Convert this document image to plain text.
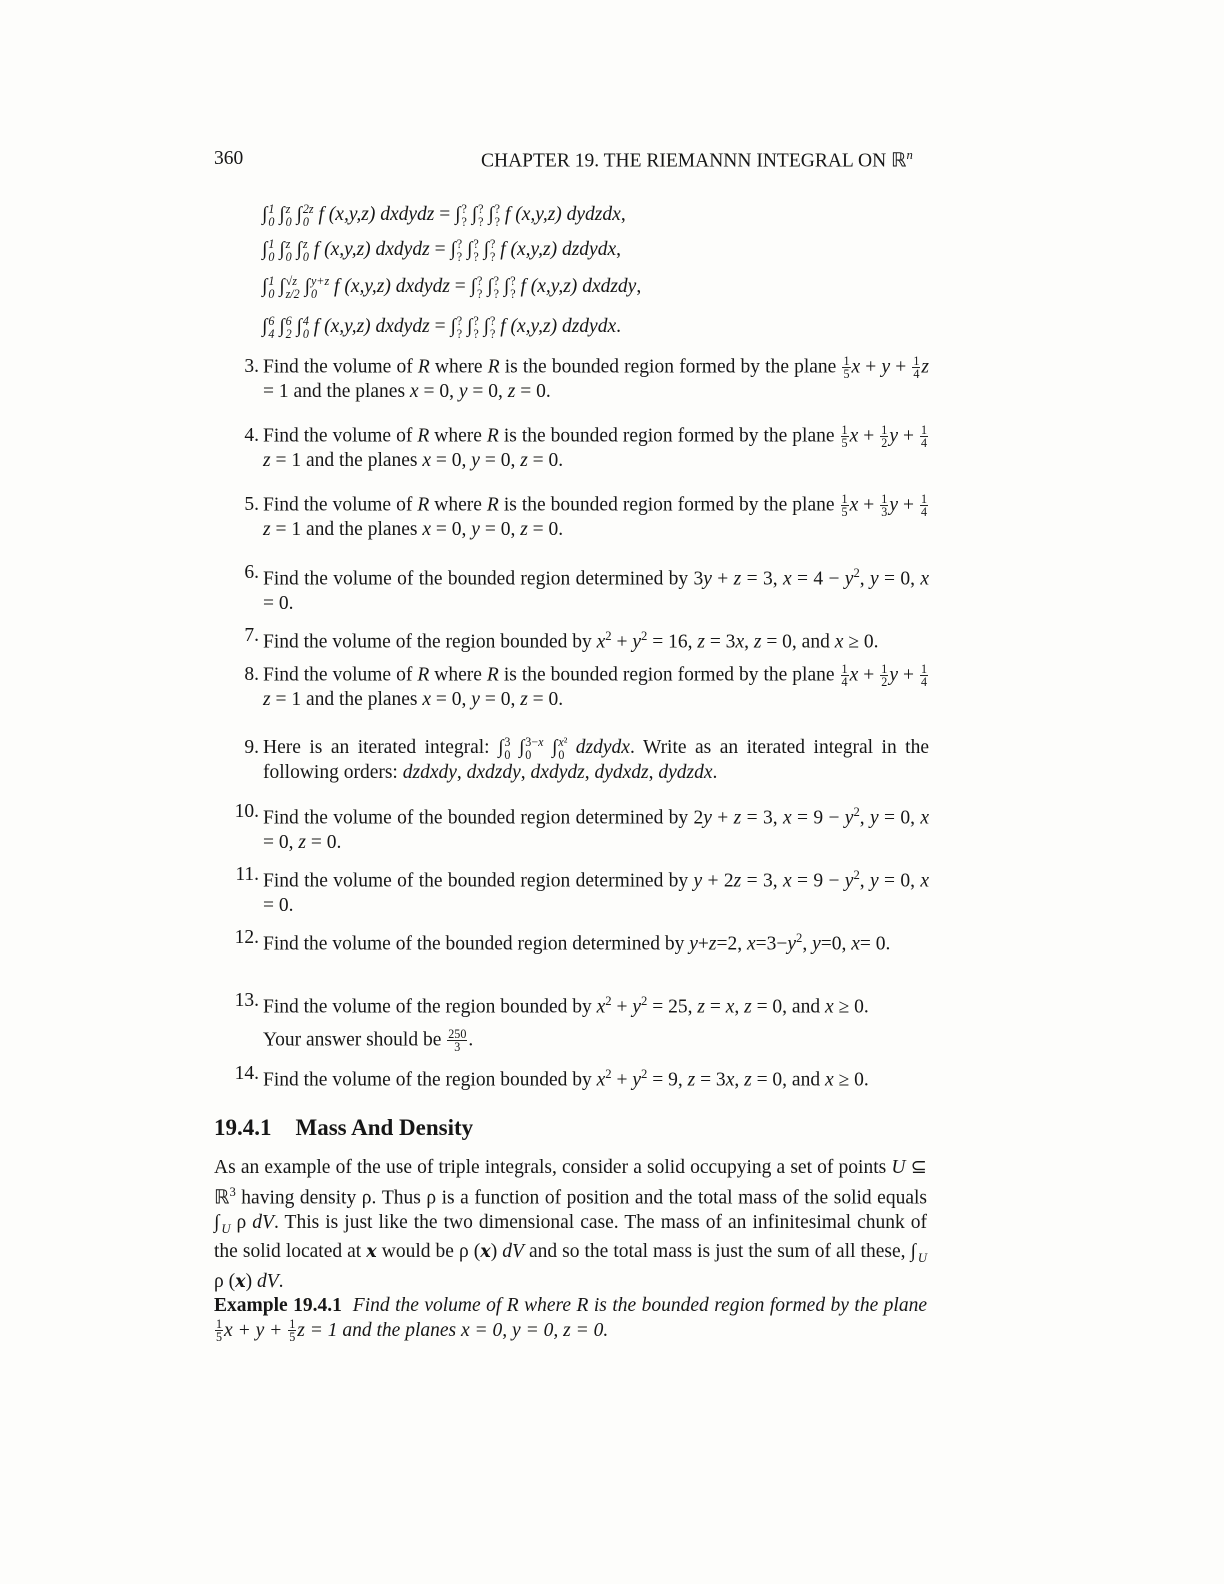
360	CHAPTER 19. THE RIEMANNN INTEGRAL ON ℝ$^n$
∫ 1
0 ∫ z
0 ∫ 2z
0 f (x,y,z) dxdydz = ∫ ?
? ∫ ?
? ∫ ?
? f (x,y,z) dydzdx,
∫ 1
0 ∫ z
0 ∫ z
0 f (x,y,z) dxdydz = ∫ ?
? ∫ ?
? ∫ ?
? f (x,y,z) dzdydx,
∫ 1
0 ∫ √z
z/2 ∫ y+z
0 f (x,y,z) dxdydz = ∫ ?
? ∫ ?
? ∫ ?
? f (x,y,z) dxdzdy,
∫ 6
4 ∫ 6
2 ∫ 4
0 f (x,y,z) dxdydz = ∫ ?
? ∫ ?
? ∫ ?
? f (x,y,z) dzdydx.
3. Find the volume of R where R is the bounded region formed by the plane $\frac{1}{5}$ $x + y + \frac{1}{4}$ z = 1 and the planes x = 0, y = 0, z = 0.
4. Find the volume of R where R is the bounded region formed by the plane $\frac{1}{5}$ $x + \frac{1}{2}$ $y + \frac{1}{4}$
z = 1 and the planes x = 0, y = 0, z = 0.
5. Find the volume of R where R is the bounded region formed by the plane $\frac{1}{5}$ $x + \frac{1}{3}$ $y + \frac{1}{4}$
z = 1 and the planes x = 0, y = 0, z = 0.
6. Find the volume of the bounded region determined by 3y + z = 3, $x = 4 - y^2$, y = 0, x = 0.
7. Find the volume of the region bounded by $x^2 + y^2 = 16$, z = 3x, z = 0, and x ≥ 0.
8. Find the volume of R where R is the bounded region formed by the plane $\frac{1}{4}$ $x + \frac{1}{2}$ $y + \frac{1}{4}$
z = 1 and the planes x = 0, y = 0, z = 0.
9. Here is an iterated integral: ∫ 3
0 ∫ 3−x
0	∫ x²
0 dzdydx. Write as an iterated integral in the following orders: dzdxdy, dxdzdy, dxdydz, dydxdz, dydzdx.
10. Find the volume of the bounded region determined by 2y + z = 3, $x = 9 - y^2$, y = 0, x = 0, z = 0.
11. Find the volume of the bounded region determined by y + 2z = 3, $x = 9 - y^2$, y = 0, x = 0.
12. Find the volume of the bounded region determined by y+z=2, $x=3-y^2$, y=0, x= 0.
13. Find the volume of the region bounded by $x^2 + y^2 = 25$, z = x, z = 0, and x ≥ 0.
Your answer should be $\frac{250}{3}$ .
14. Find the volume of the region bounded by $x^2 + y^2 = 9$, z = 3x, z = 0, and x ≥ 0.
19.4.1 Mass And Density
As an example of the use of triple integrals, consider a solid occupying a set of points U ⊆ ℝ$^3$ having density ρ. Thus ρ is a function of position and the total mass of the solid equals ∫ $_U$ ρ dV. This is just like the two dimensional case. The mass of an infinitesimal chunk of the solid located at x would be ρ (x) dV and so the total mass is just the sum of all these, ∫ $_U$ ρ (x) dV.
Example 19.4.1 Find the volume of R where R is the bounded region formed by the plane
$\frac{1}{5}$ $x + y + \frac{1}{5}$ z = 1 and the planes x = 0, y = 0, z = 0.
